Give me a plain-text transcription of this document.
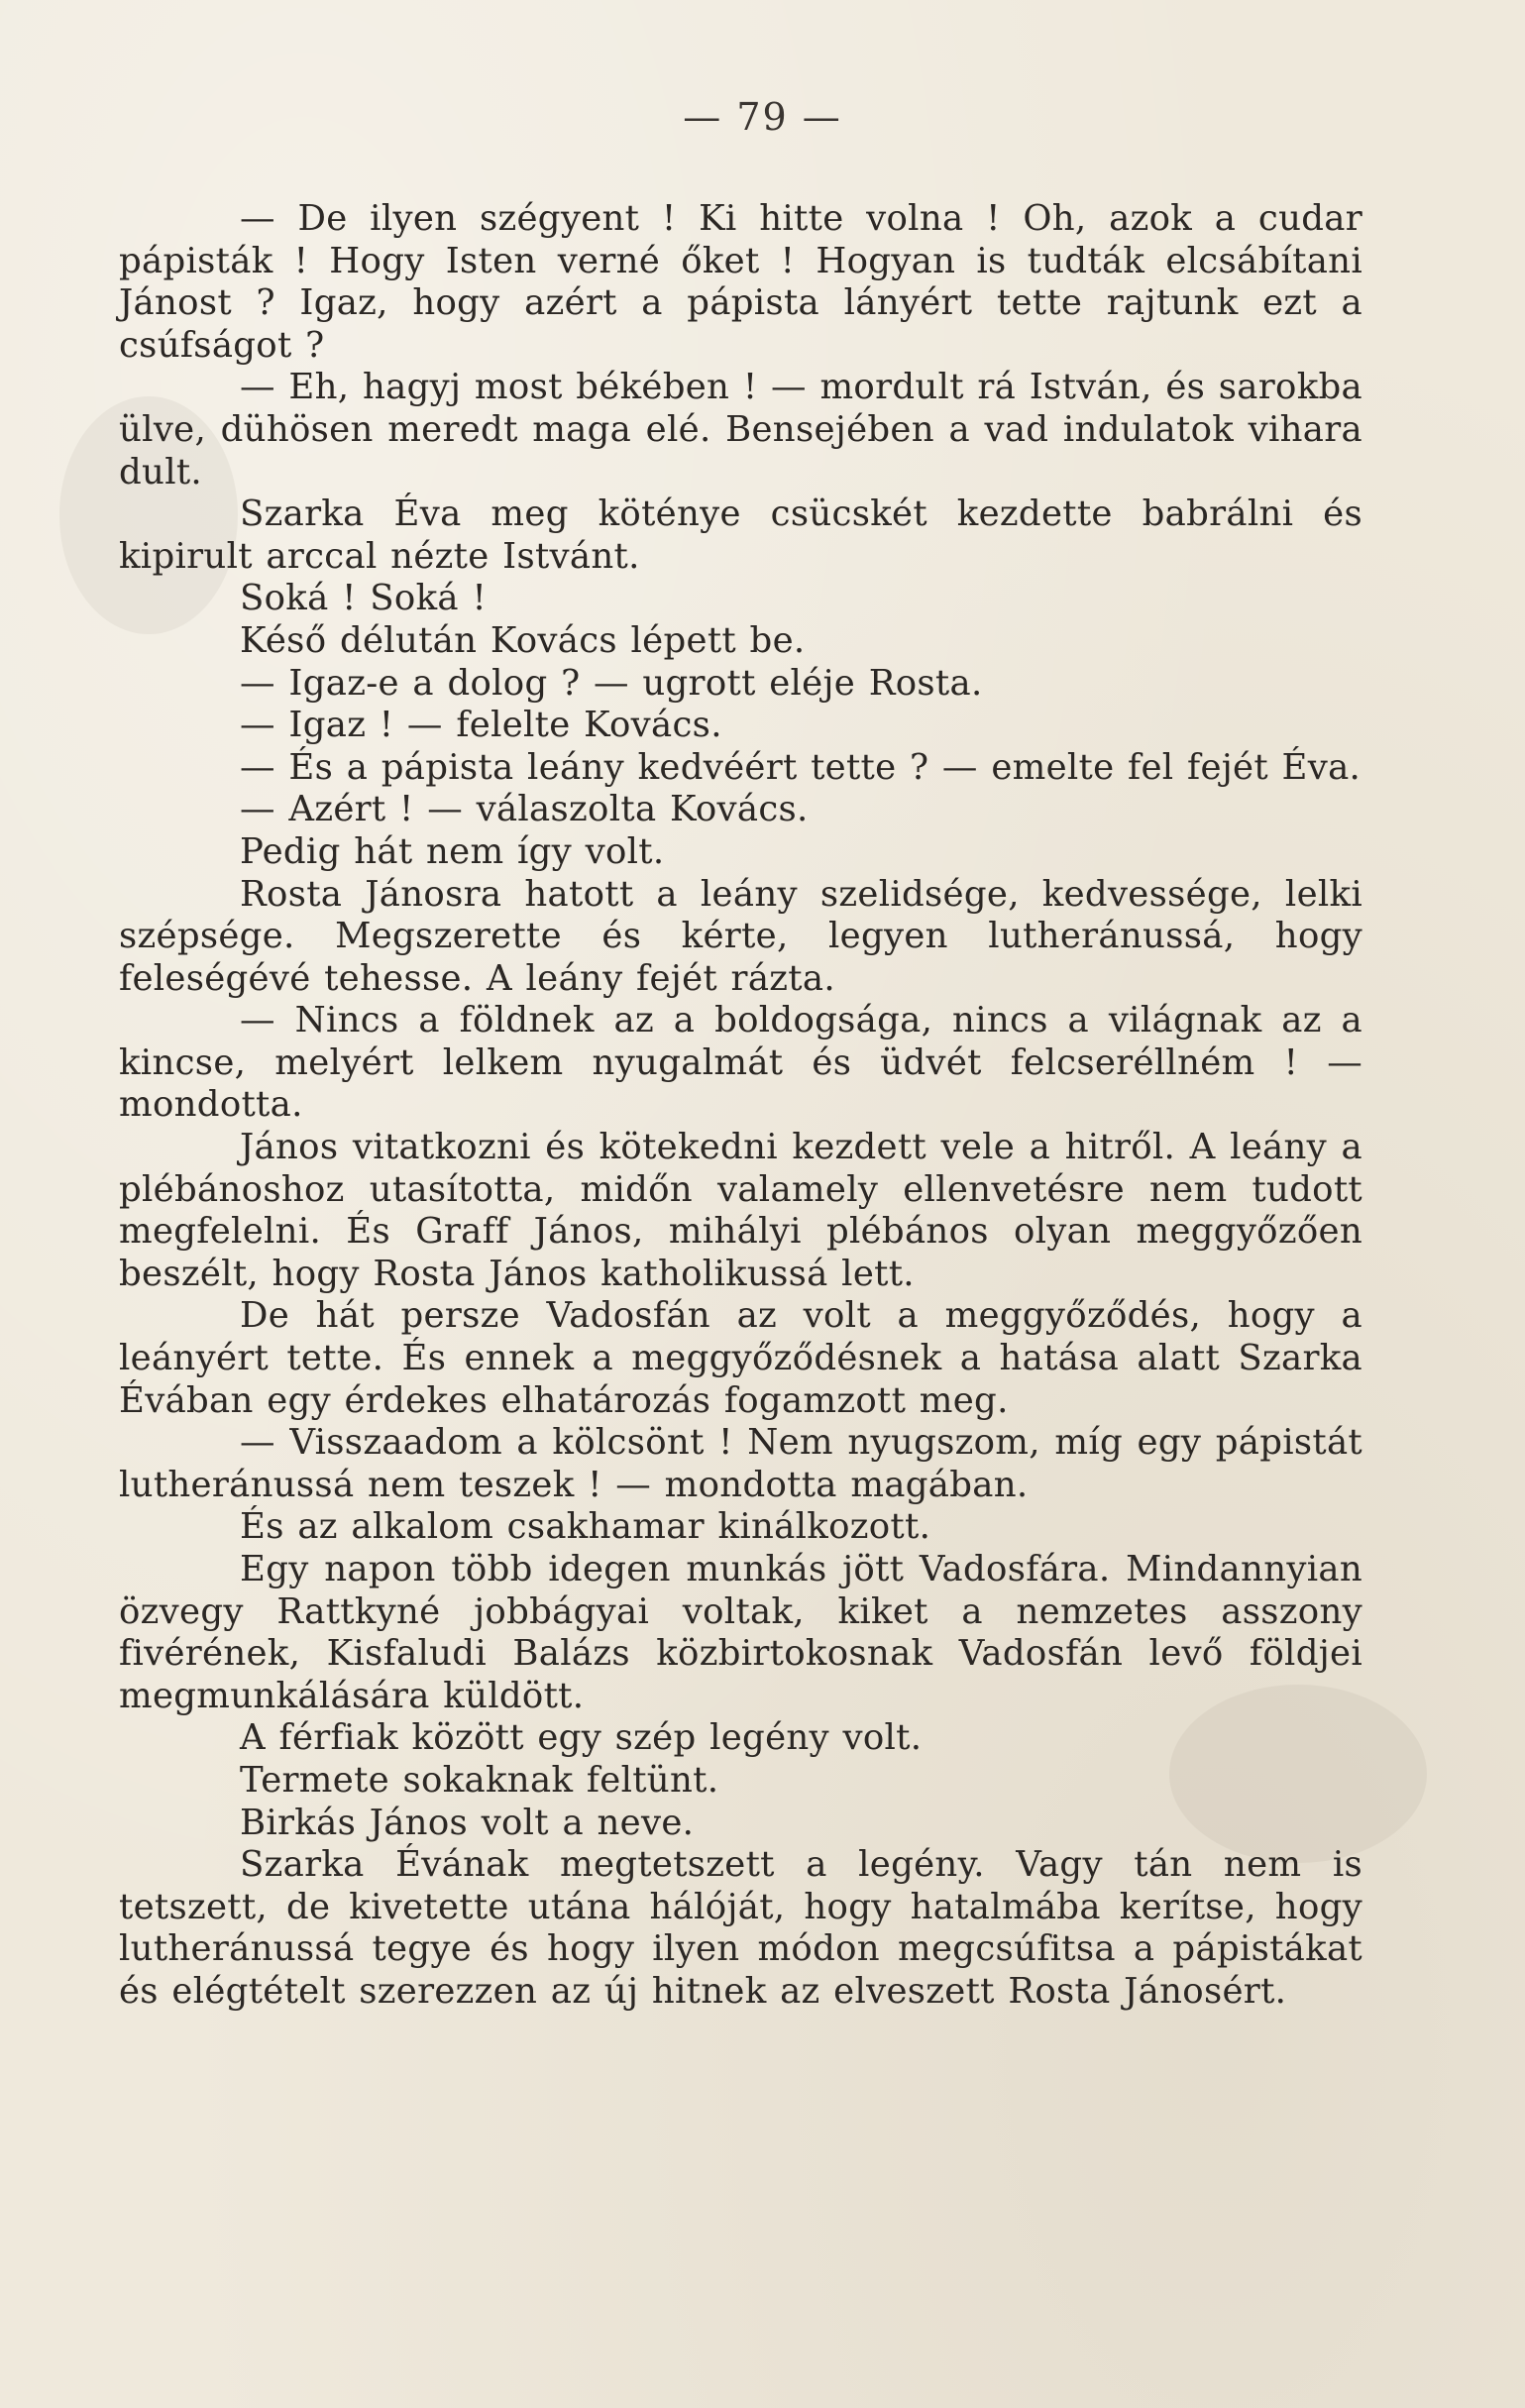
— 79 —

— De ilyen szégyent ! Ki hitte volna ! Oh, azok a cudar pápisták ! Hogy Isten verné őket ! Hogyan is tudták elcsábítani Jánost ? Igaz, hogy azért a pápista lányért tette rajtunk ezt a csúfságot ?

— Eh, hagyj most békében ! — mordult rá István, és sarokba ülve, dühösen meredt maga elé. Bensejében a vad indulatok vihara dult.

Szarka Éva meg köténye csücskét kezdette babrálni és kipirult arccal nézte Istvánt.

Soká ! Soká !

Késő délután Kovács lépett be.

— Igaz-e a dolog ? — ugrott eléje Rosta.

— Igaz ! — felelte Kovács.

— És a pápista leány kedvéért tette ? — emelte fel fejét Éva.

— Azért ! — válaszolta Kovács.

Pedig hát nem így volt.

Rosta Jánosra hatott a leány szelidsége, kedvessége, lelki szépsége. Megszerette és kérte, legyen lutheránussá, hogy feleségévé tehesse. A leány fejét rázta.

— Nincs a földnek az a boldogsága, nincs a világnak az a kincse, melyért lelkem nyugalmát és üdvét felcseréllném ! — mondotta.

János vitatkozni és kötekedni kezdett vele a hitről. A leány a plébánoshoz utasította, midőn valamely ellenvetésre nem tudott megfelelni. És Graff János, mihályi plébános olyan meggyőzően beszélt, hogy Rosta János katholikussá lett.

De hát persze Vadosfán az volt a meggyőződés, hogy a leányért tette. És ennek a meggyőződésnek a hatása alatt Szarka Évában egy érdekes elhatározás fogamzott meg.

— Visszaadom a kölcsönt ! Nem nyugszom, míg egy pápistát lutheránussá nem teszek ! — mondotta magában.

És az alkalom csakhamar kinálkozott.

Egy napon több idegen munkás jött Vadosfára. Mindannyian özvegy Rattkyné jobbágyai voltak, kiket a nemzetes asszony fivérének, Kisfaludi Balázs közbirtokosnak Vadosfán levő földjei megmunkálására küldött.

A férfiak között egy szép legény volt.

Termete sokaknak feltünt.

Birkás János volt a neve.

Szarka Évának megtetszett a legény. Vagy tán nem is tetszett, de kivetette utána hálóját, hogy hatalmába kerítse, hogy lutheránussá tegye és hogy ilyen módon megcsúfitsa a pápistákat és elégtételt szerezzen az új hitnek az elveszett Rosta Jánosért.
